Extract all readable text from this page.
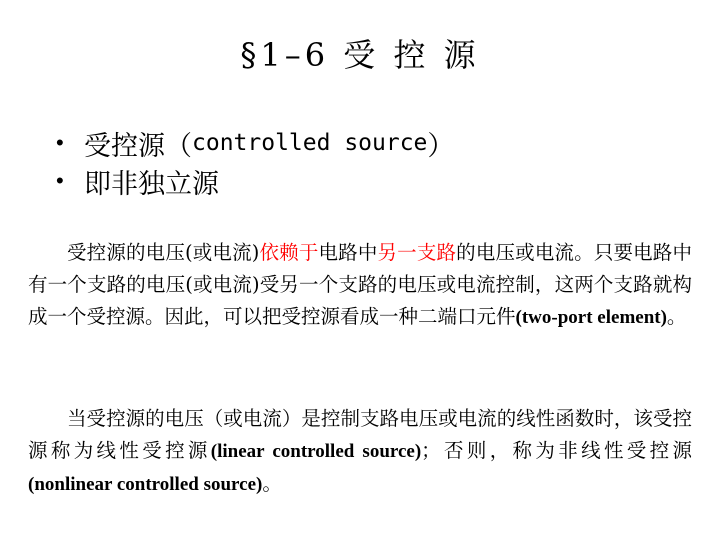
§1–6 受 控 源
• 受控源（ controlled source ）
• 即非独立源
受控源的电压(或电流)依赖于电路中另一支路的电压或电流。只要电路中有一个支路的电压(或电流)受另一个支路的电压或电流控制，这两个支路就构成一个受控源。因此，可以把受控源看成一种二端口元件(two-port element)。
当受控源的电压（或电流）是控制支路电压或电流的线性函数时，该受控源称为线性受控源(linear controlled source)；否则，称为非线性受控源(nonlinear controlled source)。
